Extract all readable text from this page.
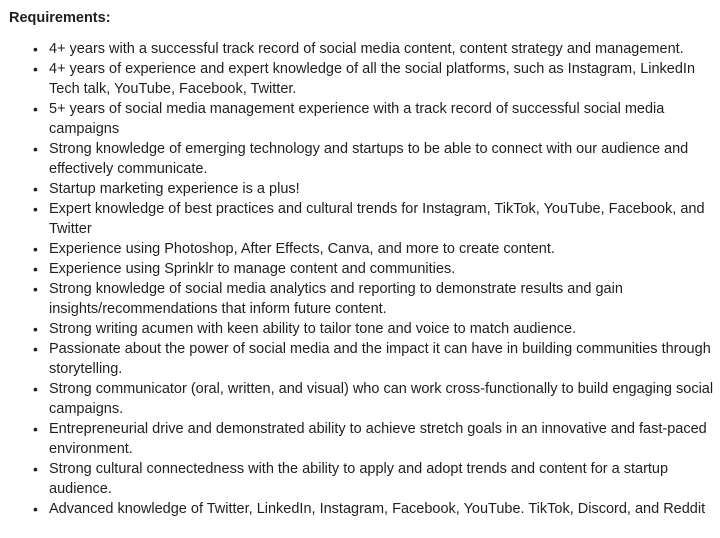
Requirements:
• 4+ years with a successful track record of social media content, content strategy and management.
• 4+ years of experience and expert knowledge of all the social platforms, such as Instagram, LinkedIn Tech talk, YouTube, Facebook, Twitter.
• 5+ years of social media management experience with a track record of successful social media campaigns
• Strong knowledge of emerging technology and startups to be able to connect with our audience and effectively communicate.
• Startup marketing experience is a plus!
• Expert knowledge of best practices and cultural trends for Instagram, TikTok, YouTube, Facebook, and Twitter
• Experience using Photoshop, After Effects, Canva, and more to create content.
• Experience using Sprinklr to manage content and communities.
• Strong knowledge of social media analytics and reporting to demonstrate results and gain insights/recommendations that inform future content.
• Strong writing acumen with keen ability to tailor tone and voice to match audience.
• Passionate about the power of social media and the impact it can have in building communities through storytelling.
• Strong communicator (oral, written, and visual) who can work cross-functionally to build engaging social campaigns.
• Entrepreneurial drive and demonstrated ability to achieve stretch goals in an innovative and fast-paced environment.
• Strong cultural connectedness with the ability to apply and adopt trends and content for a startup audience.
• Advanced knowledge of Twitter, LinkedIn, Instagram, Facebook, YouTube. TikTok, Discord, and Reddit
